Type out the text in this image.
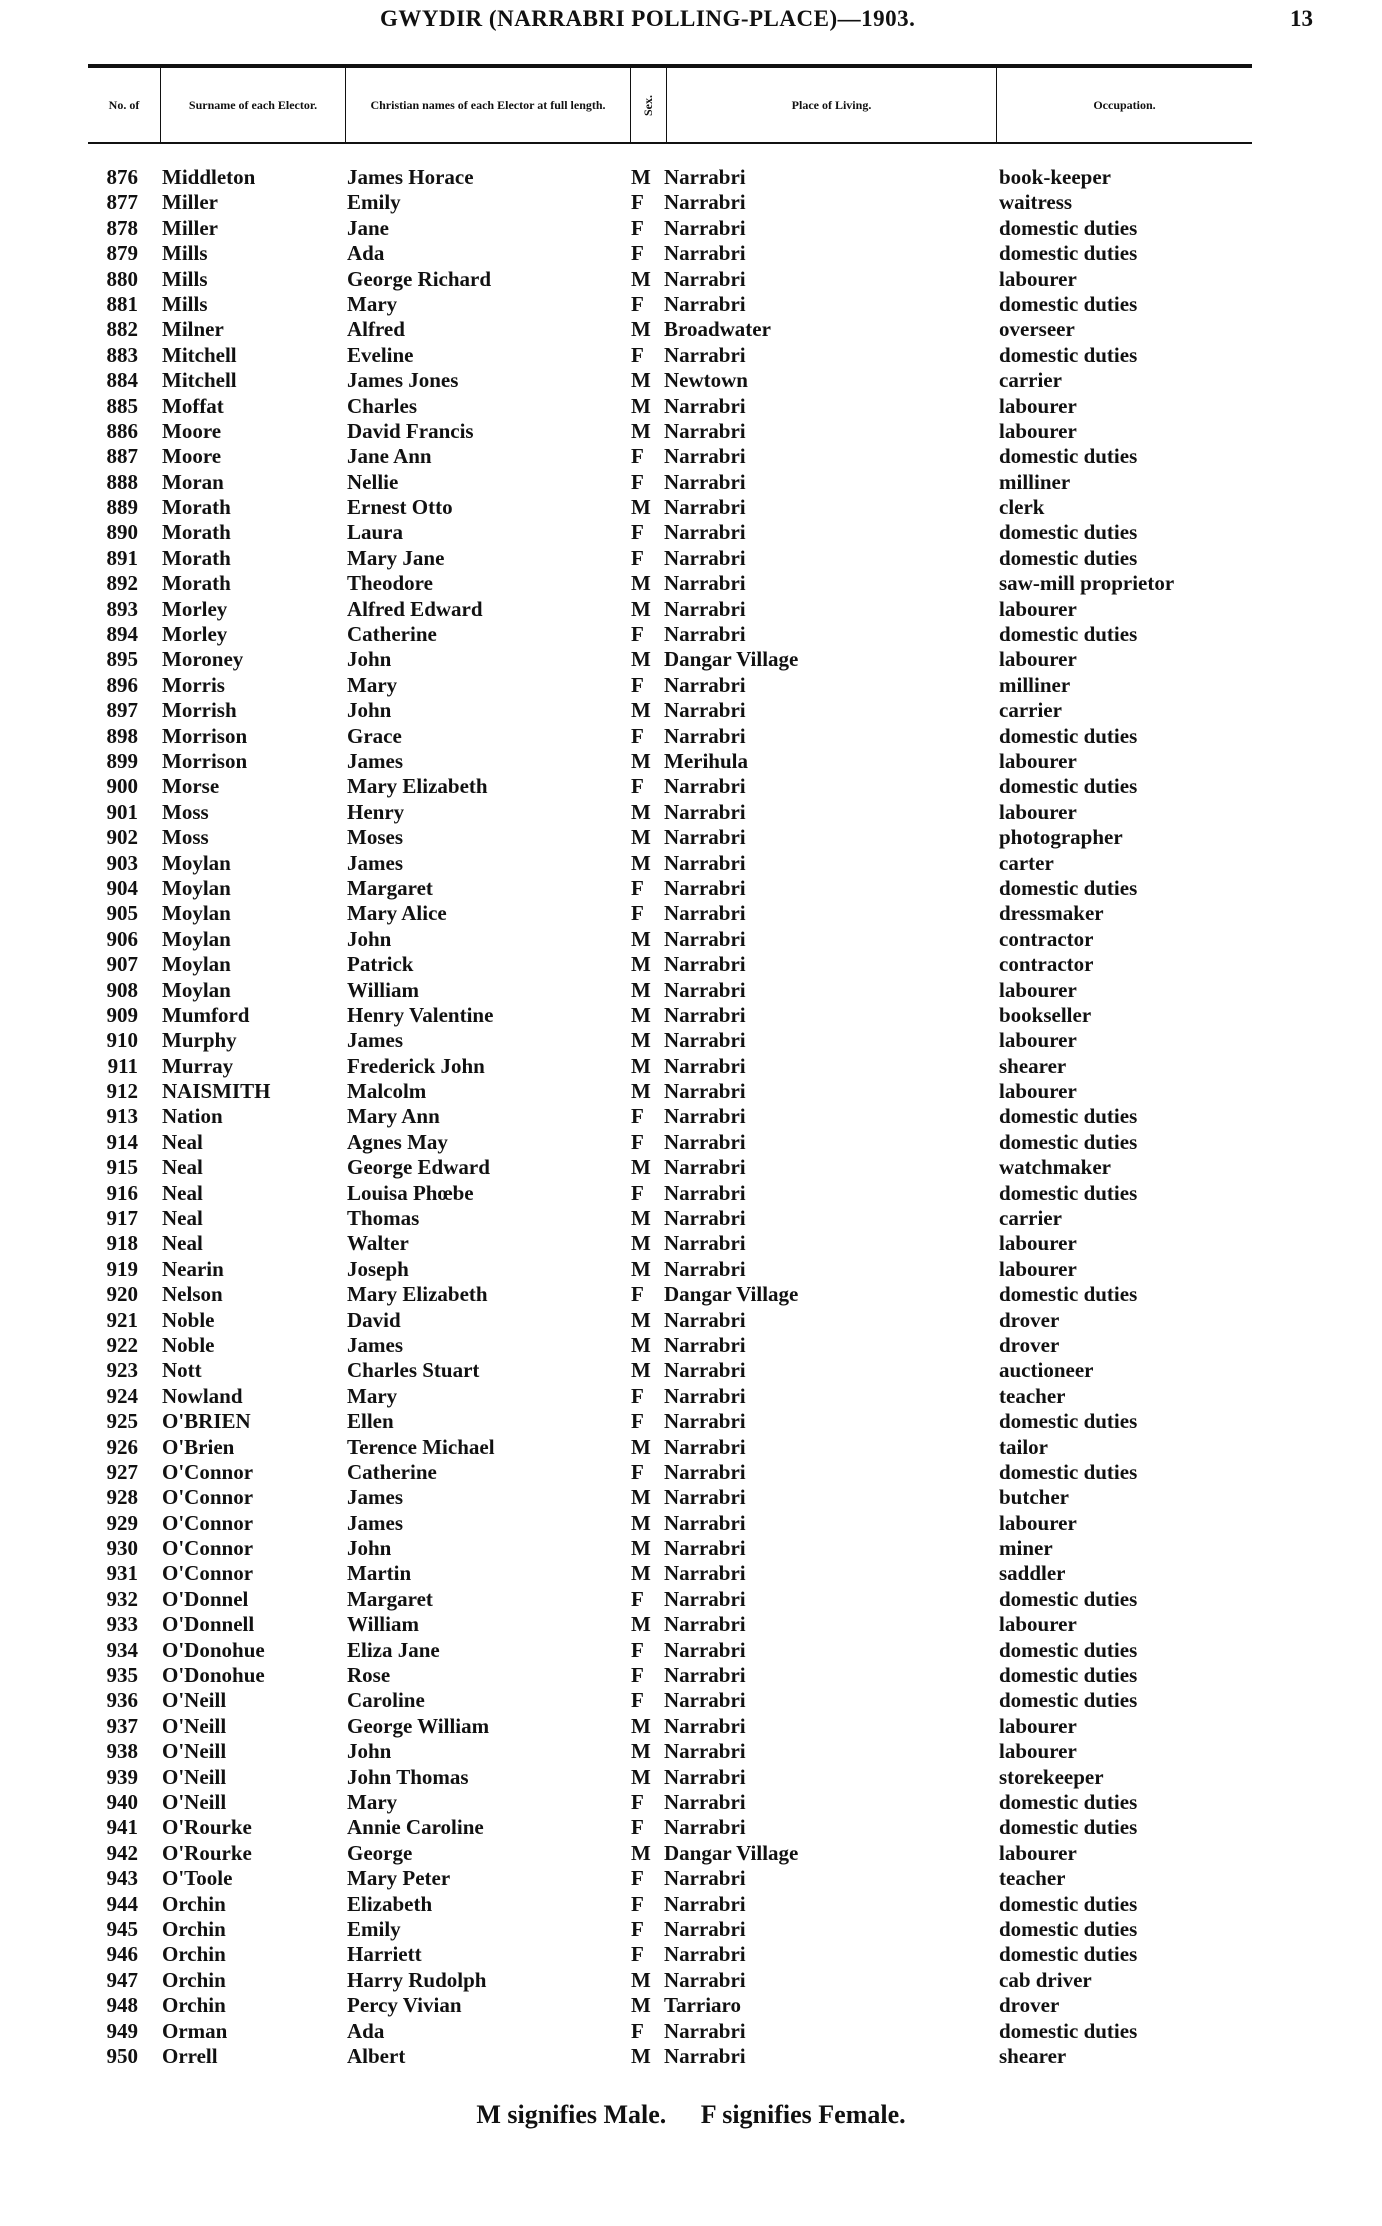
GWYDIR (NARRABRI POLLING-PLACE)—1903.	13
No. of	Surname of each Elector.	Christian names of each Elector at full length.	Sex.	Place of Living.	Occupation.
876 Middleton	James Horace	M Narrabri	book-keeper
877 Miller	Emily	F Narrabri	waitress
878 Miller	Jane	F Narrabri	domestic duties
879 Mills	Ada	F Narrabri	domestic duties
880 Mills	George Richard	M Narrabri	labourer
881 Mills	Mary	F Narrabri	domestic duties
882 Milner	Alfred	M Broadwater	overseer
883 Mitchell	Eveline	F Narrabri	domestic duties
884 Mitchell	James Jones	M Newtown	carrier
885 Moffat	Charles	M Narrabri	labourer
886 Moore	David Francis	M Narrabri	labourer
887 Moore	Jane Ann	F Narrabri	domestic duties
888 Moran	Nellie	F Narrabri	milliner
889 Morath	Ernest Otto	M Narrabri	clerk
890 Morath	Laura	F Narrabri	domestic duties
891 Morath	Mary Jane	F Narrabri	domestic duties
892 Morath	Theodore	M Narrabri	saw-mill proprietor
893 Morley	Alfred Edward	M Narrabri	labourer
894 Morley	Catherine	F Narrabri	domestic duties
895 Moroney	John	M Dangar Village	labourer
896 Morris	Mary	F Narrabri	milliner
897 Morrish	John	M Narrabri	carrier
898 Morrison	Grace	F Narrabri	domestic duties
899 Morrison	James	M Merihula	labourer
900 Morse	Mary Elizabeth	F Narrabri	domestic duties
901 Moss	Henry	M Narrabri	labourer
902 Moss	Moses	M Narrabri	photographer
903 Moylan	James	M Narrabri	carter
904 Moylan	Margaret	F Narrabri	domestic duties
905 Moylan	Mary Alice	F Narrabri	dressmaker
906 Moylan	John	M Narrabri	contractor
907 Moylan	Patrick	M Narrabri	contractor
908 Moylan	William	M Narrabri	labourer
909 Mumford	Henry Valentine	M Narrabri	bookseller
910 Murphy	James	M Narrabri	labourer
911 Murray	Frederick John	M Narrabri	shearer
912 NAISMITH	Malcolm	M Narrabri	labourer
913 Nation	Mary Ann	F Narrabri	domestic duties
914 Neal	Agnes May	F Narrabri	domestic duties
915 Neal	George Edward	M Narrabri	watchmaker
916 Neal	Louisa Phœbe	F Narrabri	domestic duties
917 Neal	Thomas	M Narrabri	carrier
918 Neal	Walter	M Narrabri	labourer
919 Nearin	Joseph	M Narrabri	labourer
920 Nelson	Mary Elizabeth	F Dangar Village	domestic duties
921 Noble	David	M Narrabri	drover
922 Noble	James	M Narrabri	drover
923 Nott	Charles Stuart	M Narrabri	auctioneer
924 Nowland	Mary	F Narrabri	teacher
925 O'BRIEN	Ellen	F Narrabri	domestic duties
926 O'Brien	Terence Michael	M Narrabri	tailor
927 O'Connor	Catherine	F Narrabri	domestic duties
928 O'Connor	James	M Narrabri	butcher
929 O'Connor	James	M Narrabri	labourer
930 O'Connor	John	M Narrabri	miner
931 O'Connor	Martin	M Narrabri	saddler
932 O'Donnel	Margaret	F Narrabri	domestic duties
933 O'Donnell	William	M Narrabri	labourer
934 O'Donohue	Eliza Jane	F Narrabri	domestic duties
935 O'Donohue	Rose	F Narrabri	domestic duties
936 O'Neill	Caroline	F Narrabri	domestic duties
937 O'Neill	George William	M Narrabri	labourer
938 O'Neill	John	M Narrabri	labourer
939 O'Neill	John Thomas	M Narrabri	storekeeper
940 O'Neill	Mary	F Narrabri	domestic duties
941 O'Rourke	Annie Caroline	F Narrabri	domestic duties
942 O'Rourke	George	M Dangar Village	labourer
943 O'Toole	Mary Peter	F Narrabri	teacher
944 Orchin	Elizabeth	F Narrabri	domestic duties
945 Orchin	Emily	F Narrabri	domestic duties
946 Orchin	Harriett	F Narrabri	domestic duties
947 Orchin	Harry Rudolph	M Narrabri	cab driver
948 Orchin	Percy Vivian	M Tarriaro	drover
949 Orman	Ada	F Narrabri	domestic duties
950 Orrell	Albert	M Narrabri	shearer
M signifies Male. F signifies Female.
